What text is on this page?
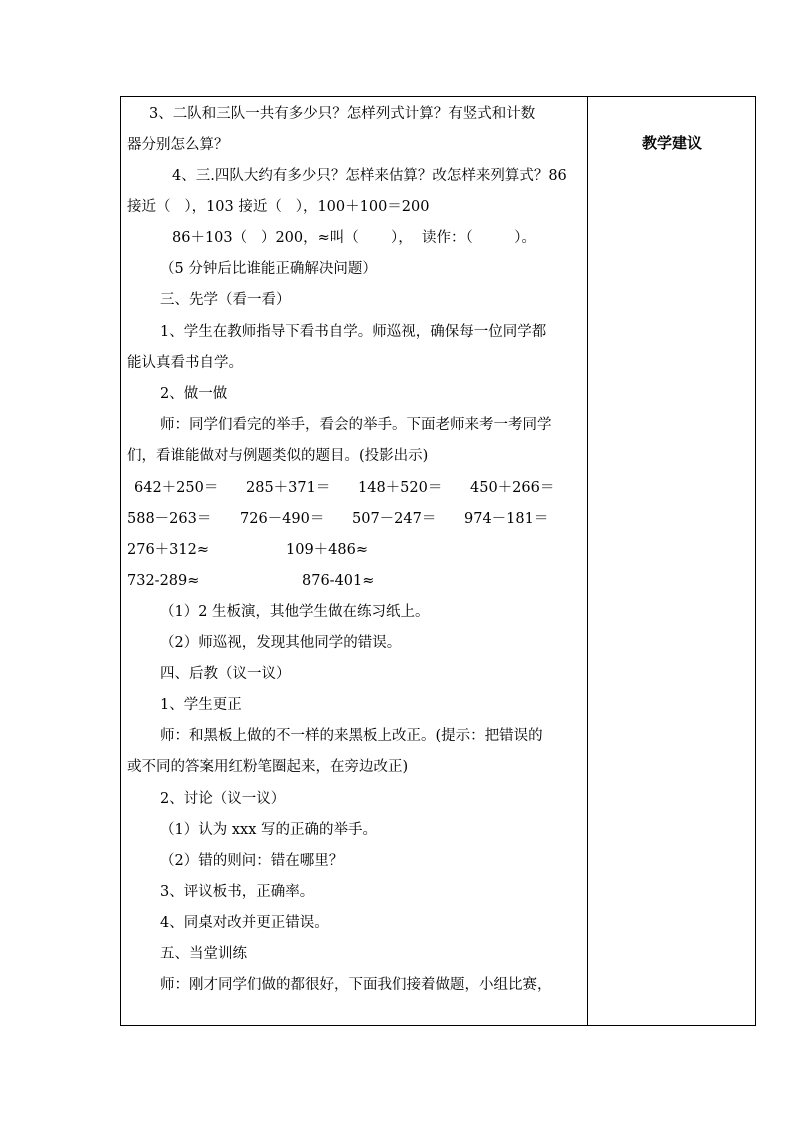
教学建议
3、二队和三队一共有多少只？怎样列式计算？有竖式和计数
器分别怎么算？
4、三.四队大约有多少只？怎样来估算？改怎样来列算式？86
接近（   ），103 接近（   ），100＋100＝200
86＋103（   ）200，≈叫（       ），  读作：（         ）。
（5 分钟后比谁能正确解决问题）
三、先学（看一看）
1、学生在教师指导下看书自学。师巡视，确保每一位同学都
能认真看书自学。
2、做一做
师：同学们看完的举手，看会的举手。下面老师来考一考同学
们，看谁能做对与例题类似的题目。(投影出示)
642＋250＝ 285＋371＝ 148＋520＝ 450＋266＝
588－263＝ 726－490＝ 507－247＝ 974－181＝
276＋312≈	109＋486≈
732-289≈	876-401≈
（1）2 生板演，其他学生做在练习纸上。
（2）师巡视，发现其他同学的错误。
四、后教（议一议）
1、学生更正
师：和黑板上做的不一样的来黑板上改正。(提示：把错误的
或不同的答案用红粉笔圈起来，在旁边改正)
2、讨论（议一议）
（1）认为 xxx 写的正确的举手。
（2）错的则问：错在哪里？
3、评议板书，正确率。
4、同桌对改并更正错误。
五、当堂训练
师：刚才同学们做的都很好，下面我们接着做题，小组比赛，
